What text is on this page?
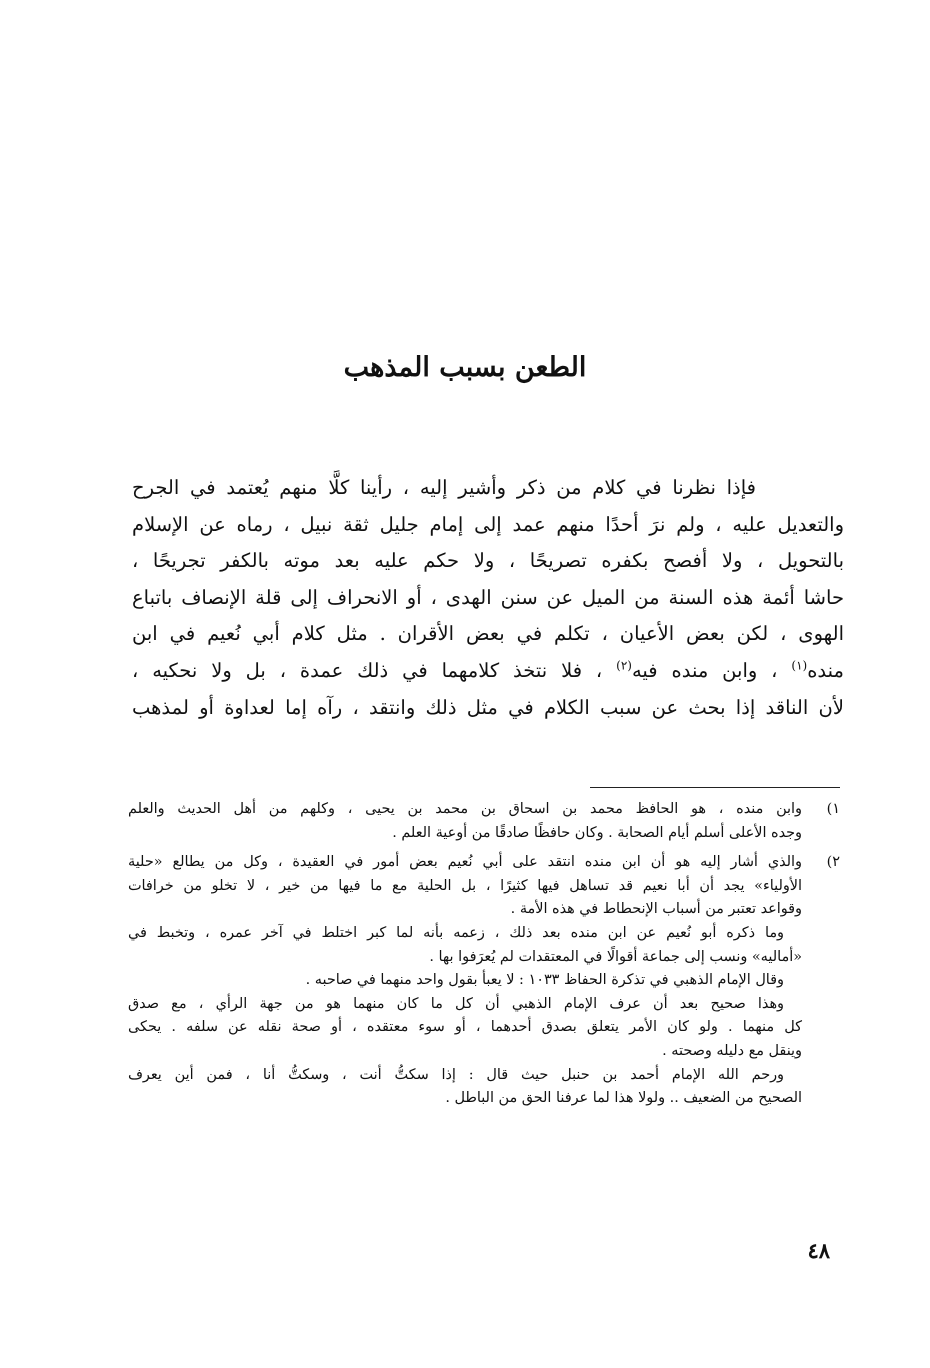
الطعن بسبب المذهب
فإذا نظرنا في كلام من ذكر وأشير إليه ، رأينا كلًّا منهم يُعتمد في الجرح
والتعديل عليه ، ولم نرَ أحدًا منهم عمد إلى إمام جليل ثقة نبيل ، رماه عن الإسلام
بالتحويل ، ولا أفصح بكفره تصريحًا ، ولا حكم عليه بعد موته بالكفر تجريحًا ،
حاشا أئمة هذه السنة من الميل عن سنن الهدى ، أو الانحراف إلى قلة الإنصاف باتباع
الهوى ، لكن بعض الأعيان ، تكلم في بعض الأقران . مثل كلام أبي نُعيم في ابن
منده$^{(١)}$ ، وابن منده فيه$^{(٢)}$ ، فلا نتخذ كلامهما في ذلك عمدة ، بل ولا نحكيه ،
لأن الناقد إذا بحث عن سبب الكلام في مثل ذلك وانتقد ، رآه إما لعداوة أو لمذهب
١)
وابن منده ، هو الحافظ محمد بن اسحاق بن محمد بن يحيى ، وكلهم من أهل الحديث والعلم
وجده الأعلى أسلم أيام الصحابة . وكان حافظًا صادقًا من أوعية العلم .
٢)
والذي أشار إليه هو أن ابن منده انتقد على أبي نُعيم بعض أمور في العقيدة ، وكل من يطالع «حلية
الأولياء» يجد أن أبا نعيم قد تساهل فيها كثيرًا ، بل الحلية مع ما فيها من خير ، لا تخلو من خرافات
وقواعد تعتبر من أسباب الإنحطاط في هذه الأمة .
وما ذكره أبو نُعيم عن ابن منده بعد ذلك ، زعمه بأنه لما كبر اختلط في آخر عمره ، وتخبط في
«أماليه» ونسب إلى جماعة أقوالًا في المعتقدات لم يُعرَفوا بها .
وقال الإمام الذهبي في تذكرة الحفاظ ١٠٣٣ : لا يعبأ بقول واحد منهما في صاحبه .
وهذا صحيح بعد أن عرف الإمام الذهبي أن كل ما كان منهما هو من جهة الرأي ، مع صدق
كل منهما . ولو كان الأمر يتعلق بصدق أحدهما ، أو سوء معتقده ، أو صحة نقله عن سلفه . يحكى
وينقل مع دليله وصحته .
ورحم الله الإمام أحمد بن حنبل حيث قال : إذا سكتُّ أنت ، وسكتُّ أنا ، فمن أين يعرف
الصحيح من الضعيف .. ولولا هذا لما عرفنا الحق من الباطل .
٤٨
